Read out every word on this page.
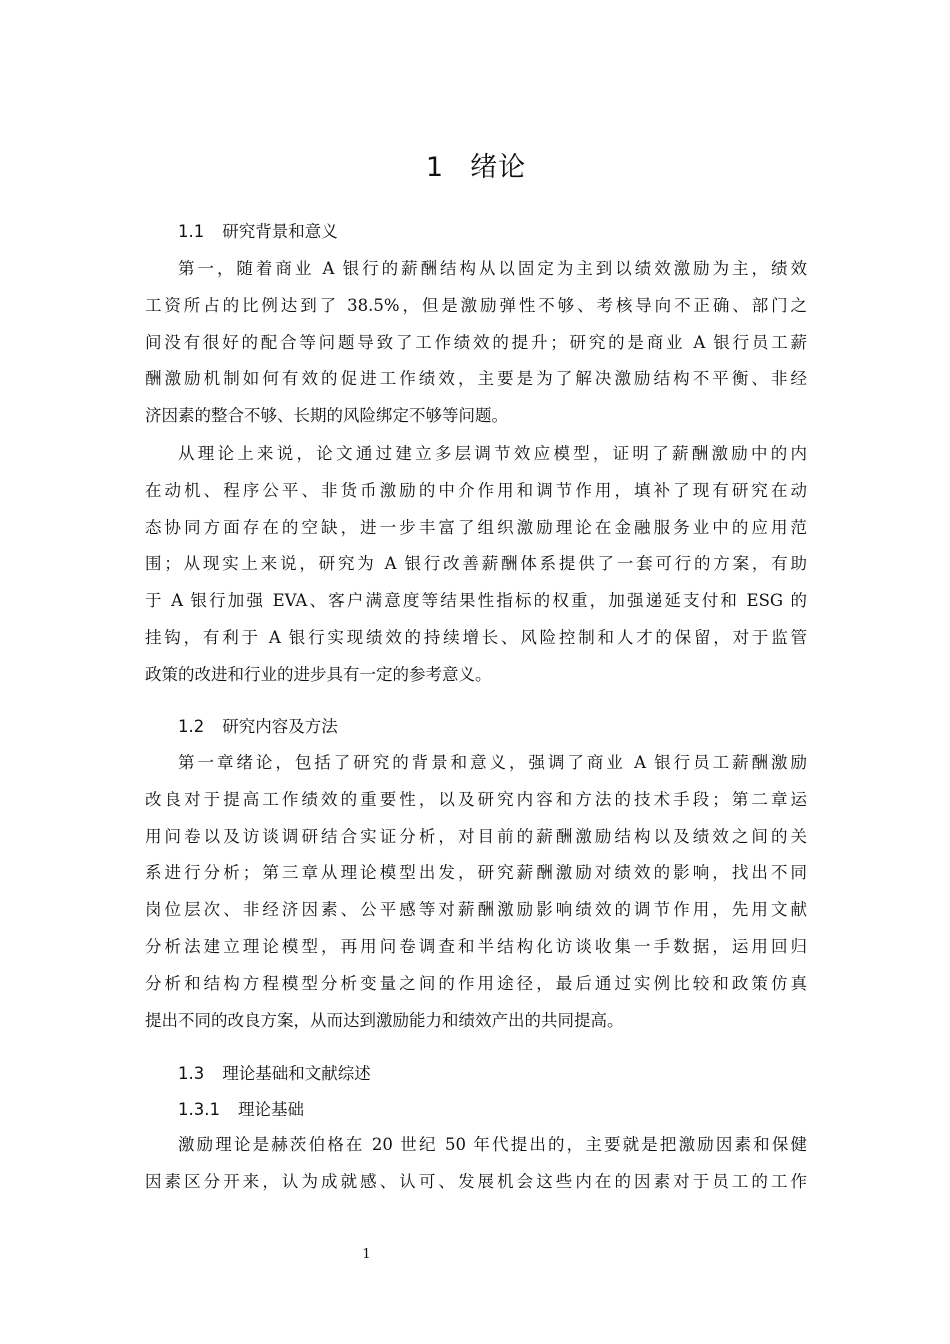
1 绪论
1.1 研究背景和意义
第一，随着商业 A 银行的薪酬结构从以固定为主到以绩效激励为主，绩效
工资所占的比例达到了 38.5%，但是激励弹性不够、考核导向不正确、部门之
间没有很好的配合等问题导致了工作绩效的提升；研究的是商业 A 银行员工薪
酬激励机制如何有效的促进工作绩效，主要是为了解决激励结构不平衡、非经
济因素的整合不够、长期的风险绑定不够等问题。
从理论上来说，论文通过建立多层调节效应模型，证明了薪酬激励中的内
在动机、程序公平、非货币激励的中介作用和调节作用，填补了现有研究在动
态协同方面存在的空缺，进一步丰富了组织激励理论在金融服务业中的应用范
围；从现实上来说，研究为 A 银行改善薪酬体系提供了一套可行的方案，有助
于 A 银行加强 EVA、客户满意度等结果性指标的权重，加强递延支付和 ESG 的
挂钩，有利于 A 银行实现绩效的持续增长、风险控制和人才的保留，对于监管
政策的改进和行业的进步具有一定的参考意义。
1.2 研究内容及方法
第一章绪论，包括了研究的背景和意义，强调了商业 A 银行员工薪酬激励
改良对于提高工作绩效的重要性，以及研究内容和方法的技术手段；第二章运
用问卷以及访谈调研结合实证分析，对目前的薪酬激励结构以及绩效之间的关
系进行分析；第三章从理论模型出发，研究薪酬激励对绩效的影响，找出不同
岗位层次、非经济因素、公平感等对薪酬激励影响绩效的调节作用，先用文献
分析法建立理论模型，再用问卷调查和半结构化访谈收集一手数据，运用回归
分析和结构方程模型分析变量之间的作用途径，最后通过实例比较和政策仿真
提出不同的改良方案，从而达到激励能力和绩效产出的共同提高。
1.3 理论基础和文献综述
1.3.1 理论基础
激励理论是赫茨伯格在 20 世纪 50 年代提出的，主要就是把激励因素和保健
因素区分开来，认为成就感、认可、发展机会这些内在的因素对于员工的工作
1
